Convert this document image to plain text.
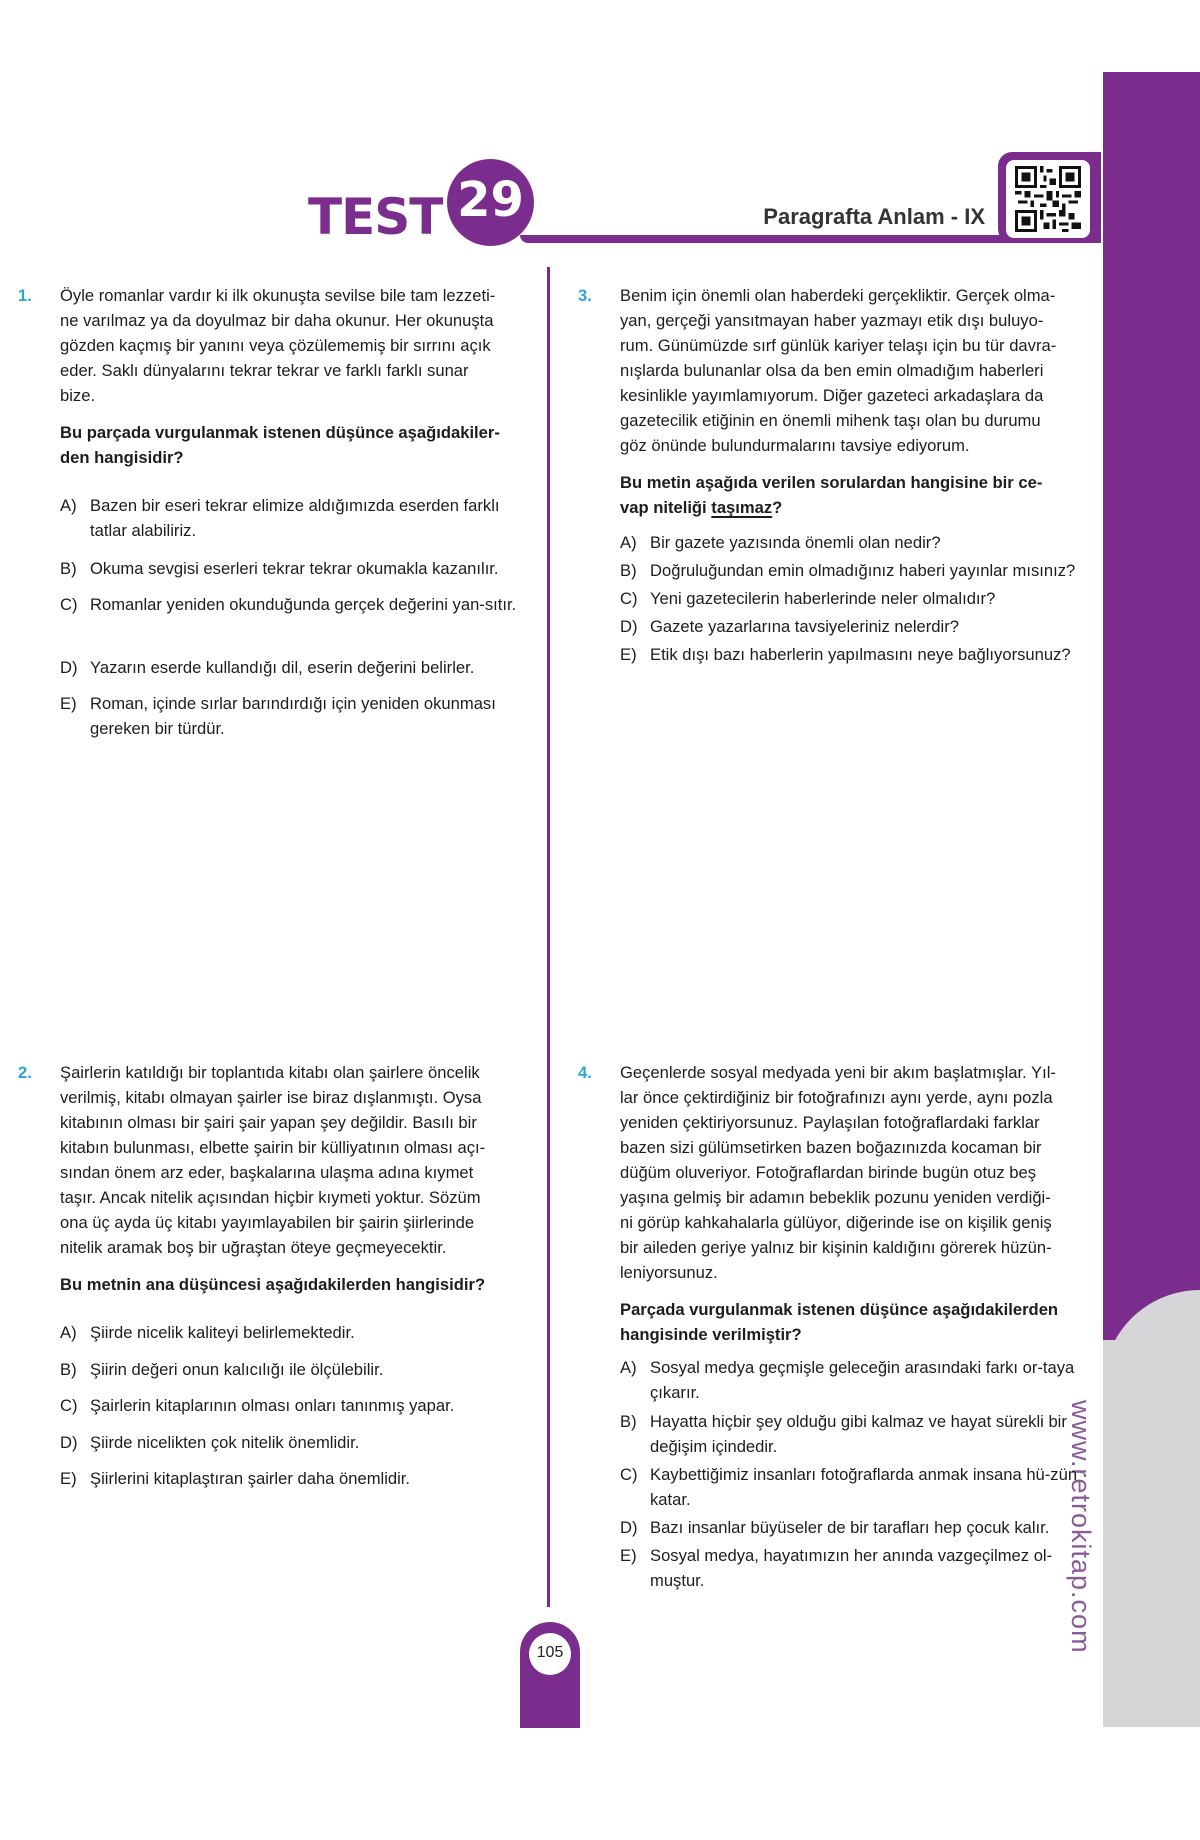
www.retrokitap.com
TEST 29	Paragrafta Anlam - IX
1. Öyle romanlar vardır ki ilk okunuşta sevilse bile tam lezzeti-
ne varılmaz ya da doyulmaz bir daha okunur. Her okunuşta
gözden kaçmış bir yanını veya çözülememiş bir sırrını açık
eder. Saklı dünyalarını tekrar tekrar ve farklı farklı sunar
bize.
Bu parçada vurgulanmak istenen düşünce aşağıdakiler-
den hangisidir?
A) Bazen bir eseri tekrar elimize aldığımızda eserden farklı tatlar alabiliriz.
B) Okuma sevgisi eserleri tekrar tekrar okumakla kazanılır.
C) Romanlar yeniden okunduğunda gerçek değerini yan-sıtır.
D) Yazarın eserde kullandığı dil, eserin değerini belirler.
E) Roman, içinde sırlar barındırdığı için yeniden okunması gereken bir türdür.
2. Şairlerin katıldığı bir toplantıda kitabı olan şairlere öncelik
verilmiş, kitabı olmayan şairler ise biraz dışlanmıştı. Oysa
kitabının olması bir şairi şair yapan şey değildir. Basılı bir
kitabın bulunması, elbette şairin bir külliyatının olması açı-
sından önem arz eder, başkalarına ulaşma adına kıymet
taşır. Ancak nitelik açısından hiçbir kıymeti yoktur. Sözüm
ona üç ayda üç kitabı yayımlayabilen bir şairin şiirlerinde
nitelik aramak boş bir uğraştan öteye geçmeyecektir.
Bu metnin ana düşüncesi aşağıdakilerden hangisidir?
A) Şiirde nicelik kaliteyi belirlemektedir.
B) Şiirin değeri onun kalıcılığı ile ölçülebilir.
C) Şairlerin kitaplarının olması onları tanınmış yapar.
D) Şiirde nicelikten çok nitelik önemlidir.
E) Şiirlerini kitaplaştıran şairler daha önemlidir.
3. Benim için önemli olan haberdeki gerçekliktir. Gerçek olma-
yan, gerçeği yansıtmayan haber yazmayı etik dışı buluyo-
rum. Günümüzde sırf günlük kariyer telaşı için bu tür davra-
nışlarda bulunanlar olsa da ben emin olmadığım haberleri
kesinlikle yayımlamıyorum. Diğer gazeteci arkadaşlara da
gazetecilik etiğinin en önemli mihenk taşı olan bu durumu
göz önünde bulundurmalarını tavsiye ediyorum.
Bu metin aşağıda verilen sorulardan hangisine bir ce-
vap niteliği taşımaz?
A) Bir gazete yazısında önemli olan nedir?
B) Doğruluğundan emin olmadığınız haberi yayınlar mısınız?
C) Yeni gazetecilerin haberlerinde neler olmalıdır?
D) Gazete yazarlarına tavsiyeleriniz nelerdir?
E) Etik dışı bazı haberlerin yapılmasını neye bağlıyorsunuz?
4. Geçenlerde sosyal medyada yeni bir akım başlatmışlar. Yıl-
lar önce çektirdiğiniz bir fotoğrafınızı aynı yerde, aynı pozla
yeniden çektiriyorsunuz. Paylaşılan fotoğraflardaki farklar
bazen sizi gülümsetirken bazen boğazınızda kocaman bir
düğüm oluveriyor. Fotoğraflardan birinde bugün otuz beş
yaşına gelmiş bir adamın bebeklik pozunu yeniden verdiği-
ni görüp kahkahalarla gülüyor, diğerinde ise on kişilik geniş
bir aileden geriye yalnız bir kişinin kaldığını görerek hüzün-
leniyorsunuz.
Parçada vurgulanmak istenen düşünce aşağıdakilerden
hangisinde verilmiştir?
A) Sosyal medya geçmişle geleceğin arasındaki farkı or-taya çıkarır.
B) Hayatta hiçbir şey olduğu gibi kalmaz ve hayat sürekli bir değişim içindedir.
C) Kaybettiğimiz insanları fotoğraflarda anmak insana hü-zün katar.
D) Bazı insanlar büyüseler de bir tarafları hep çocuk kalır.
E) Sosyal medya, hayatımızın her anında vazgeçilmez ol-muştur.
105
